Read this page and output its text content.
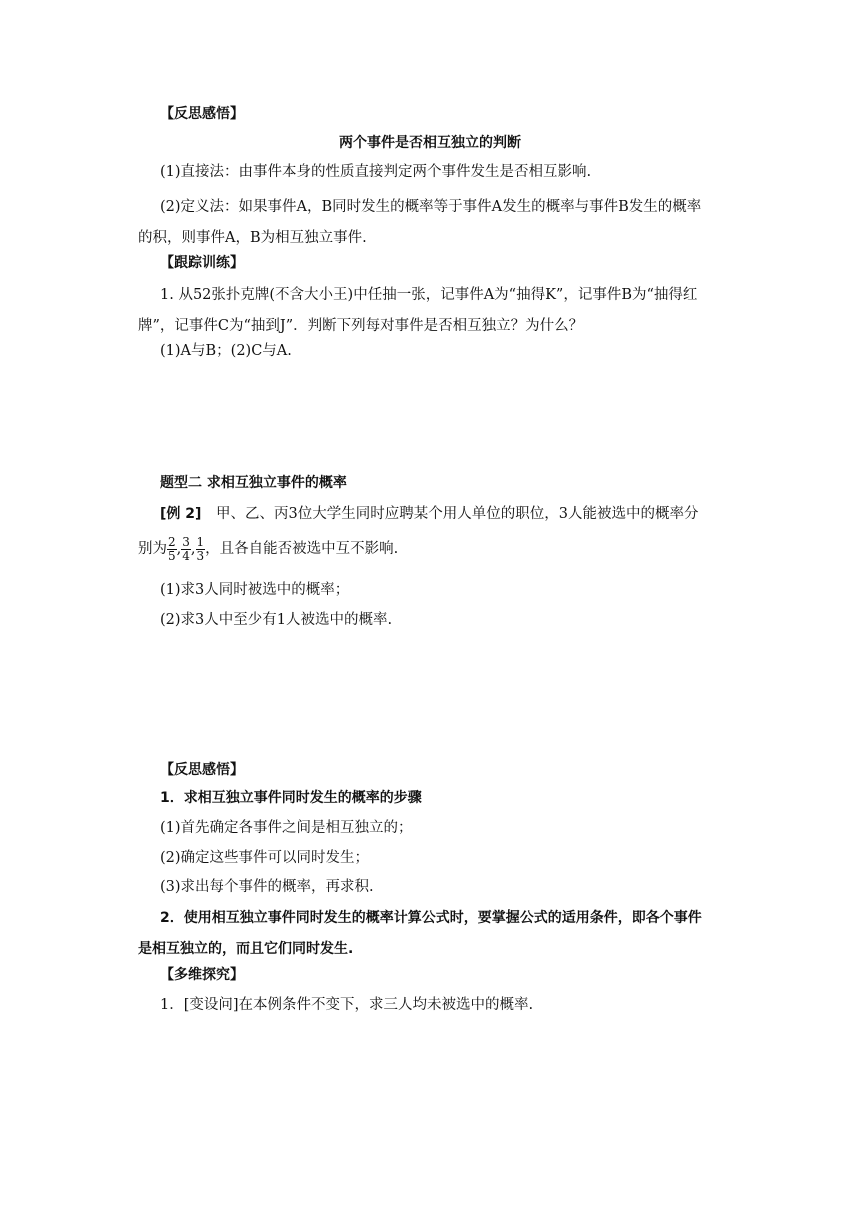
【反思感悟】
两个事件是否相互独立的判断
(1)直接法：由事件本身的性质直接判定两个事件发生是否相互影响.
(2)定义法：如果事件A，B同时发生的概率等于事件A发生的概率与事件B发生的概率的积，则事件A，B为相互独立事件.
【跟踪训练】
1. 从52张扑克牌(不含大小王)中任抽一张，记事件A为“抽得K”，记事件B为“抽得红牌”，记事件C为“抽到J”．判断下列每对事件是否相互独立？为什么？
(1)A与B；(2)C与A.
题型二 求相互独立事件的概率
[例 2] 甲、乙、丙3位大学生同时应聘某个用人单位的职位，3人能被选中的概率分
别为 $\frac{2}{5}$ , $\frac{3}{4}$ , $\frac{1}{3}$ ，且各自能否被选中互不影响.
(1)求3人同时被选中的概率；
(2)求3人中至少有1人被选中的概率.
【反思感悟】
1．求相互独立事件同时发生的概率的步骤
(1)首先确定各事件之间是相互独立的；
(2)确定这些事件可以同时发生；
(3)求出每个事件的概率，再求积.
2．使用相互独立事件同时发生的概率计算公式时，要掌握公式的适用条件，即各个事件是相互独立的，而且它们同时发生.
【多维探究】
1．[变设问]在本例条件不变下，求三人均未被选中的概率.
